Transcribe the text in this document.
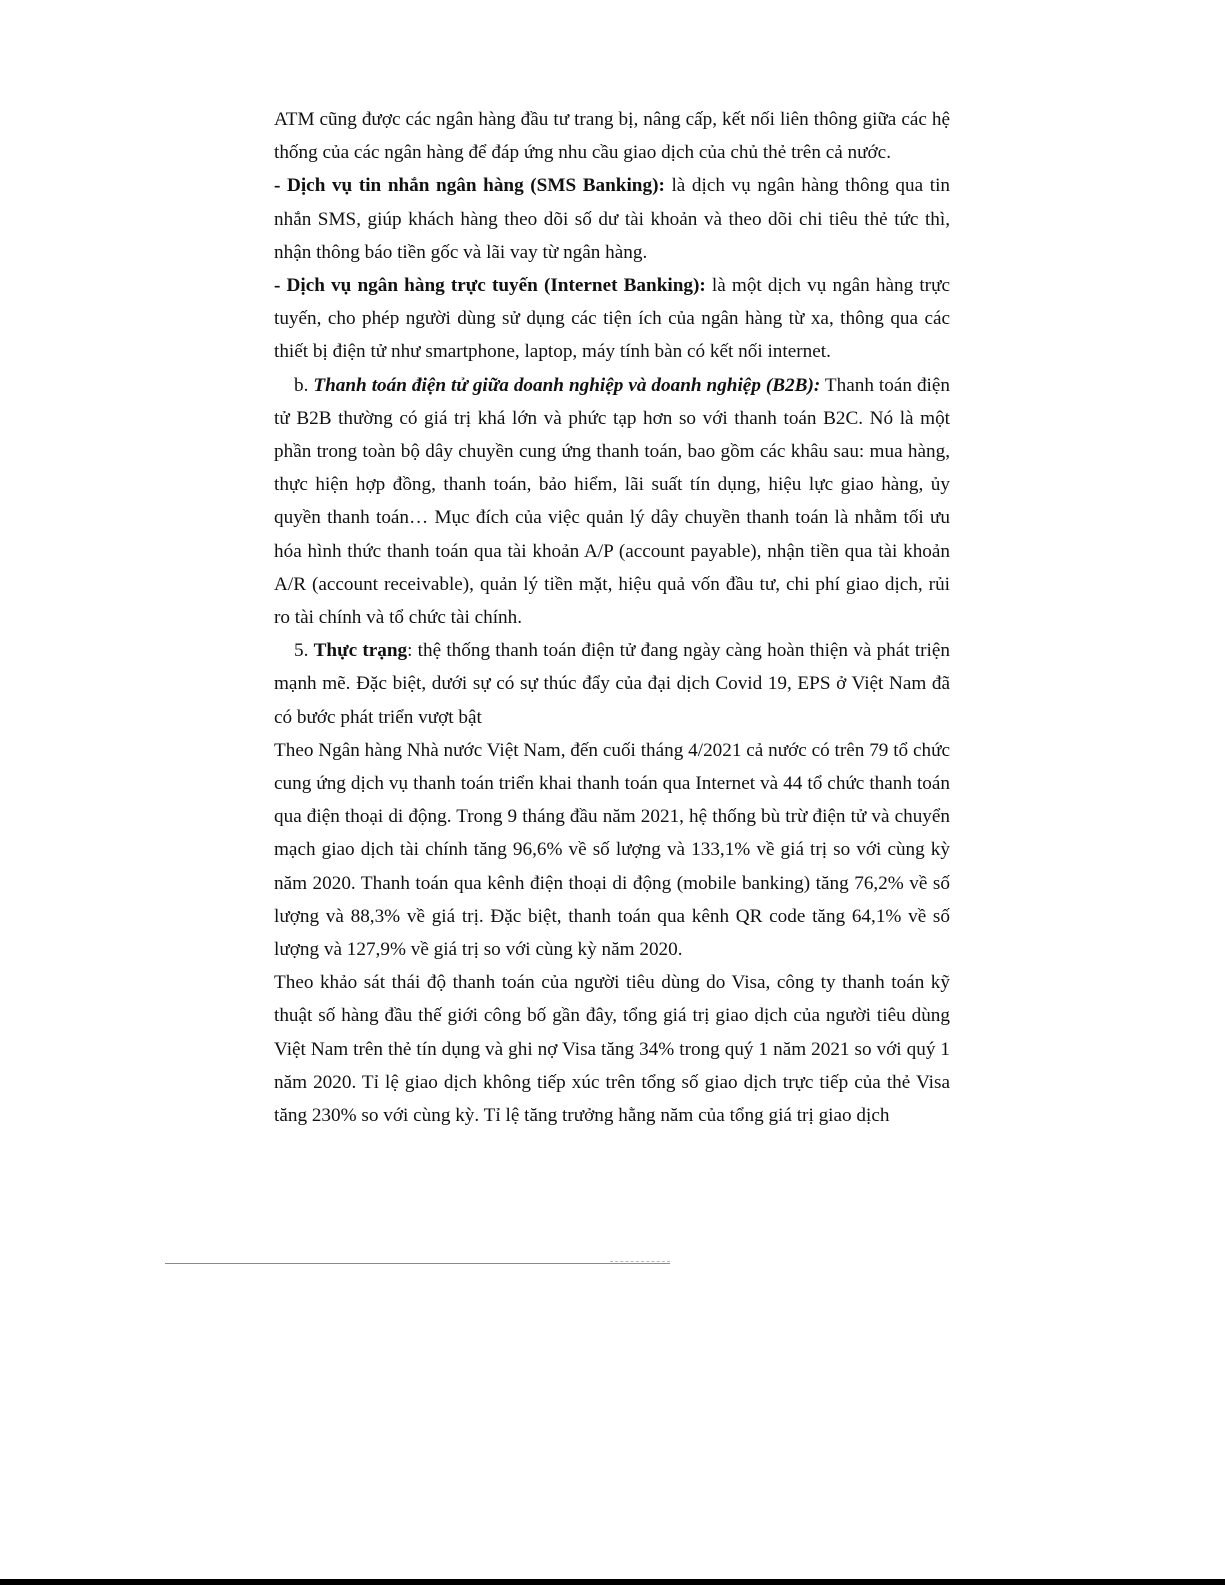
ATM cũng được các ngân hàng đầu tư trang bị, nâng cấp, kết nối liên thông giữa các hệ thống của các ngân hàng để đáp ứng nhu cầu giao dịch của chủ thẻ trên cả nước.

- Dịch vụ tin nhắn ngân hàng (SMS Banking): là dịch vụ ngân hàng thông qua tin nhắn SMS, giúp khách hàng theo dõi số dư tài khoản và theo dõi chi tiêu thẻ tức thì, nhận thông báo tiền gốc và lãi vay từ ngân hàng.

- Dịch vụ ngân hàng trực tuyến (Internet Banking): là một dịch vụ ngân hàng trực tuyến, cho phép người dùng sử dụng các tiện ích của ngân hàng từ xa, thông qua các thiết bị điện tử như smartphone, laptop, máy tính bàn có kết nối internet.

b. Thanh toán điện tử giữa doanh nghiệp và doanh nghiệp (B2B): Thanh toán điện tử B2B thường có giá trị khá lớn và phức tạp hơn so với thanh toán B2C. Nó là một phần trong toàn bộ dây chuyền cung ứng thanh toán, bao gồm các khâu sau: mua hàng, thực hiện hợp đồng, thanh toán, bảo hiểm, lãi suất tín dụng, hiệu lực giao hàng, ủy quyền thanh toán… Mục đích của việc quản lý dây chuyền thanh toán là nhằm tối ưu hóa hình thức thanh toán qua tài khoản A/P (account payable), nhận tiền qua tài khoản A/R (account receivable), quản lý tiền mặt, hiệu quả vốn đầu tư, chi phí giao dịch, rủi ro tài chính và tổ chức tài chính.

5. Thực trạng: thệ thống thanh toán điện tử đang ngày càng hoàn thiện và phát triện mạnh mẽ. Đặc biệt, dưới sự có sự thúc đẩy của đại dịch Covid 19, EPS ở Việt Nam đã có bước phát triển vượt bật

Theo Ngân hàng Nhà nước Việt Nam, đến cuối tháng 4/2021 cả nước có trên 79 tổ chức cung ứng dịch vụ thanh toán triển khai thanh toán qua Internet và 44 tổ chức thanh toán qua điện thoại di động. Trong 9 tháng đầu năm 2021, hệ thống bù trừ điện tử và chuyển mạch giao dịch tài chính tăng 96,6% về số lượng và 133,1% về giá trị so với cùng kỳ năm 2020. Thanh toán qua kênh điện thoại di động (mobile banking) tăng 76,2% về số lượng và 88,3% về giá trị. Đặc biệt, thanh toán qua kênh QR code tăng 64,1% về số lượng và 127,9% về giá trị so với cùng kỳ năm 2020.

Theo khảo sát thái độ thanh toán của người tiêu dùng do Visa, công ty thanh toán kỹ thuật số hàng đầu thế giới công bố gần đây, tổng giá trị giao dịch của người tiêu dùng Việt Nam trên thẻ tín dụng và ghi nợ Visa tăng 34% trong quý 1 năm 2021 so với quý 1 năm 2020. Tỉ lệ giao dịch không tiếp xúc trên tổng số giao dịch trực tiếp của thẻ Visa tăng 230% so với cùng kỳ. Tỉ lệ tăng trưởng hằng năm của tổng giá trị giao dịch
